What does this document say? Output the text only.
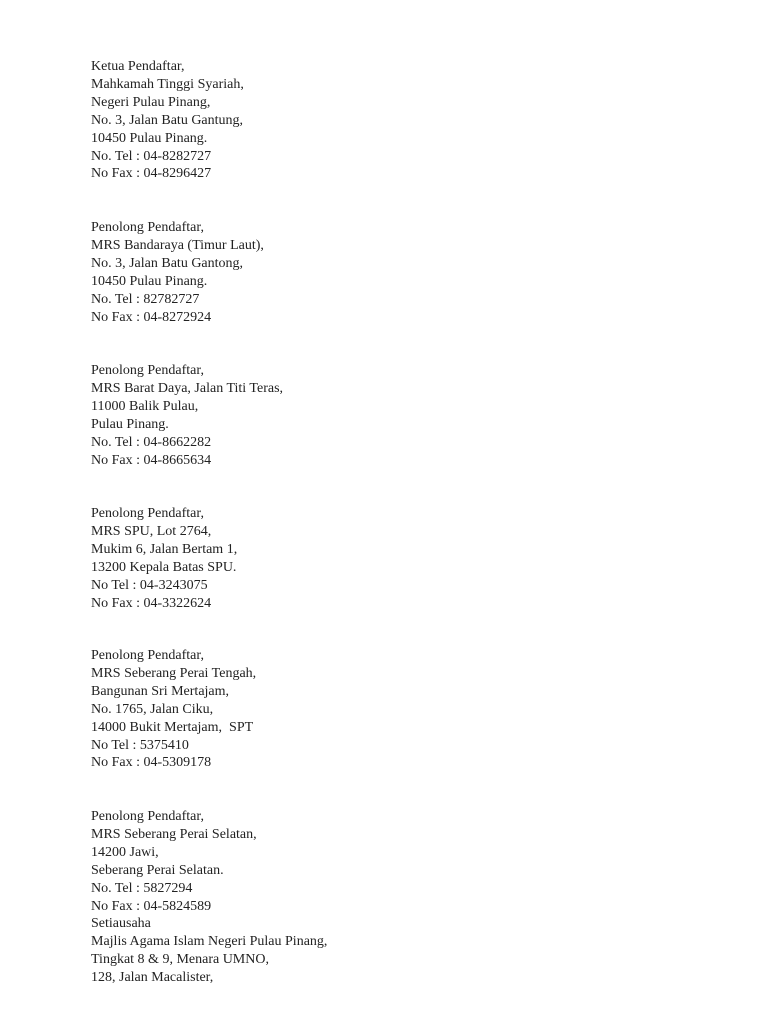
Ketua Pendaftar,
Mahkamah Tinggi Syariah,
Negeri Pulau Pinang,
No. 3, Jalan Batu Gantung,
10450 Pulau Pinang.
No. Tel : 04-8282727
No Fax : 04-8296427
Penolong Pendaftar,
MRS Bandaraya (Timur Laut),
No. 3, Jalan Batu Gantong,
10450 Pulau Pinang.
No. Tel : 82782727
No Fax : 04-8272924
Penolong Pendaftar,
MRS Barat Daya, Jalan Titi Teras,
11000 Balik Pulau,
Pulau Pinang.
No. Tel : 04-8662282
No Fax : 04-8665634
Penolong Pendaftar,
MRS SPU, Lot 2764,
Mukim 6, Jalan Bertam 1,
13200 Kepala Batas SPU.
No Tel : 04-3243075
No Fax : 04-3322624
Penolong Pendaftar,
MRS Seberang Perai Tengah,
Bangunan Sri Mertajam,
No. 1765, Jalan Ciku,
14000 Bukit Mertajam,  SPT
No Tel : 5375410
No Fax : 04-5309178
Penolong Pendaftar,
MRS Seberang Perai Selatan,
14200 Jawi,
Seberang Perai Selatan.
No. Tel : 5827294
No Fax : 04-5824589
Setiausaha
Majlis Agama Islam Negeri Pulau Pinang,
Tingkat 8 & 9, Menara UMNO,
128, Jalan Macalister,
